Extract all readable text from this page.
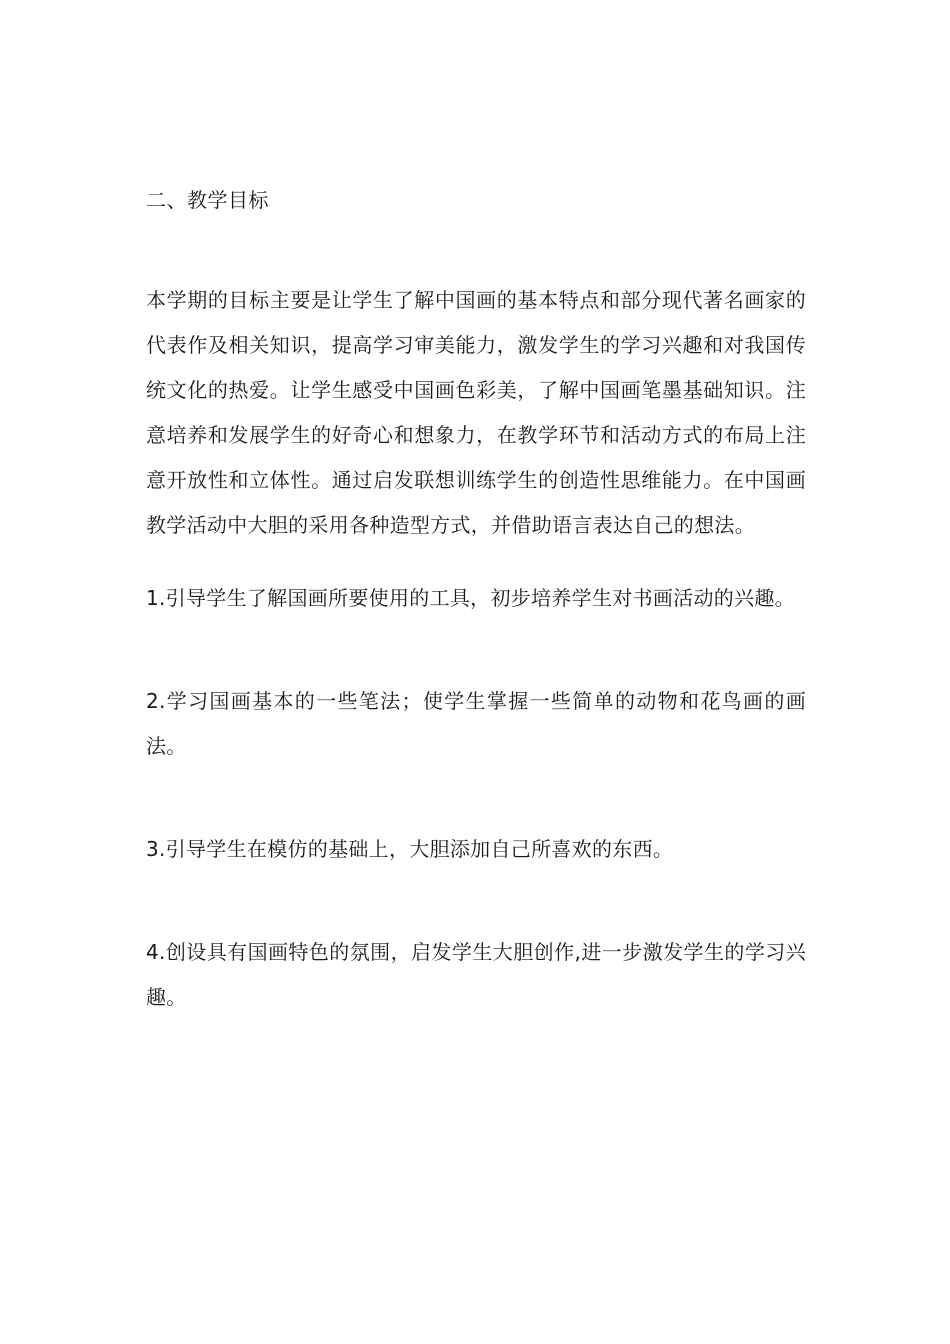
二、教学目标

本学期的目标主要是让学生了解中国画的基本特点和部分现代著名画家的代表作及相关知识，提高学习审美能力，激发学生的学习兴趣和对我国传统文化的热爱。让学生感受中国画色彩美，了解中国画笔墨基础知识。注意培养和发展学生的好奇心和想象力，在教学环节和活动方式的布局上注意开放性和立体性。通过启发联想训练学生的创造性思维能力。在中国画教学活动中大胆的采用各种造型方式，并借助语言表达自己的想法。

1.引导学生了解国画所要使用的工具，初步培养学生对书画活动的兴趣。

2.学习国画基本的一些笔法；使学生掌握一些简单的动物和花鸟画的画法。

3.引导学生在模仿的基础上，大胆添加自己所喜欢的东西。

4.创设具有国画特色的氛围，启发学生大胆创作,进一步激发学生的学习兴趣。
